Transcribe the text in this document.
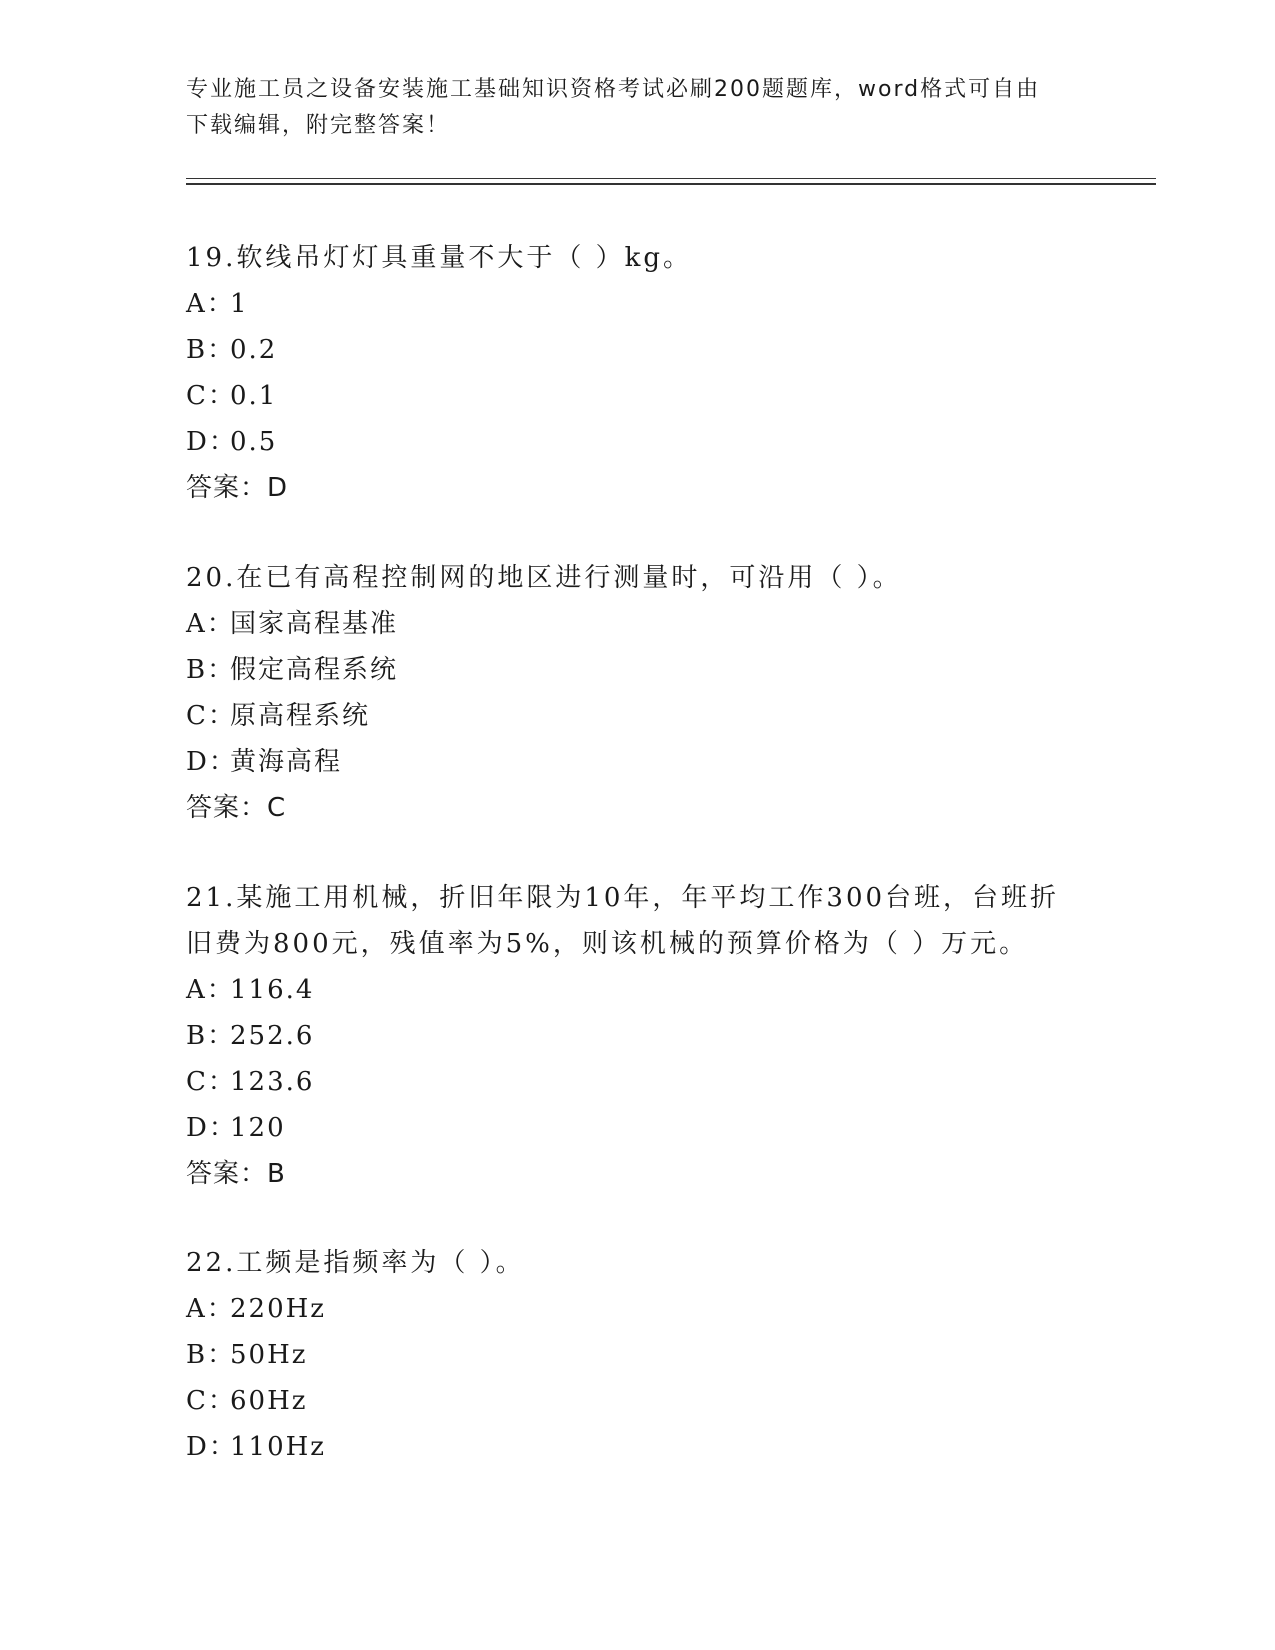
专业施工员之设备安装施工基础知识资格考试必刷200题题库，word格式可自由
下载编辑，附完整答案！

19.软线吊灯灯具重量不大于（ ）kg。

A：1

B：0.2

C：0.1

D：0.5

答案：D

20.在已有高程控制网的地区进行测量时，可沿用（ ）。

A：国家高程基准

B：假定高程系统

C：原高程系统

D：黄海高程

答案：C

21.某施工用机械，折旧年限为10年，年平均工作300台班，台班折旧费为800元，残值率为5%，则该机械的预算价格为（ ）万元。

A：116.4

B：252.6

C：123.6

D：120

答案：B

22.工频是指频率为（ ）。

A：220Hz

B：50Hz

C：60Hz

D：110Hz
